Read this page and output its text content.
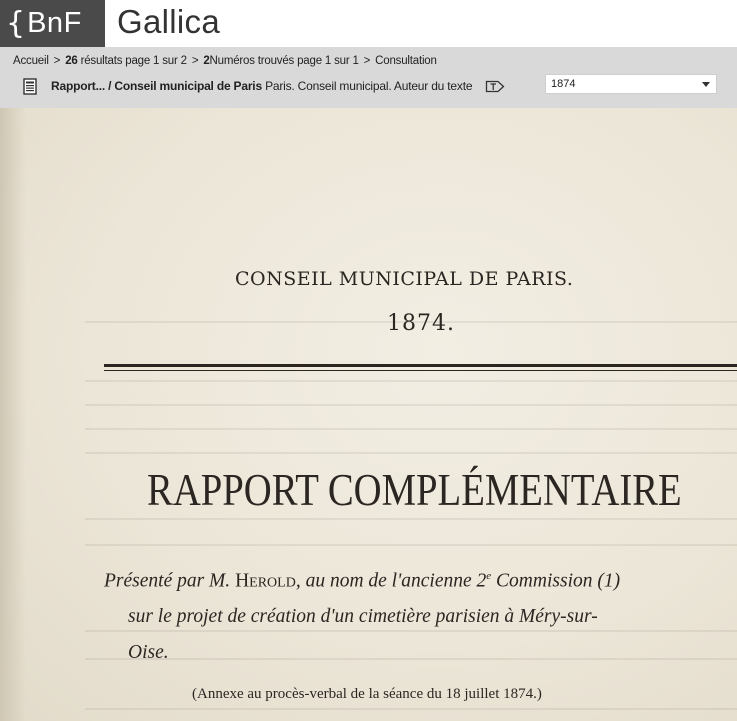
{ BnF Gallica
Accueil > 26 résultats page 1 sur 2 > 2Numéros trouvés page 1 sur 1 > Consultation
Rapport... / Conseil municipal de Paris Paris. Conseil municipal. Auteur du texte	1874
CONSEIL MUNICIPAL DE PARIS.
1874.
RAPPORT COMPLÉMENTAIRE
Présenté par M. Herold, au nom de l'ancienne 2e Commission (1)
sur le projet de création d'un cimetière parisien à Méry-sur-
Oise.
(Annexe au procès-verbal de la séance du 18 juillet 1874.)
